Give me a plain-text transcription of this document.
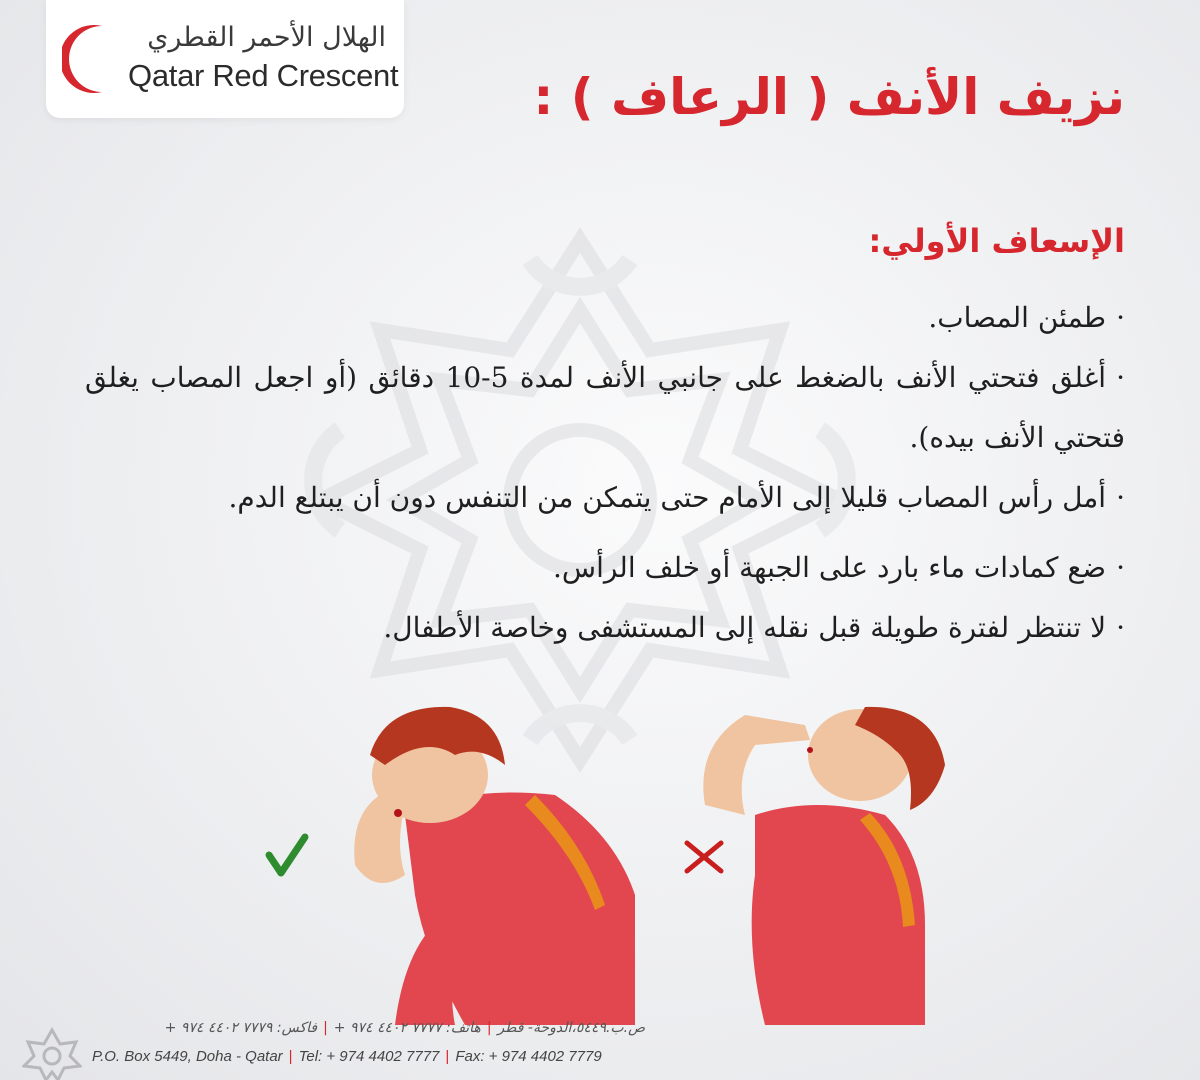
الهلال الأحمر القطري
Qatar Red Crescent	نزيف الأنف ( الرعاف ) :
الإسعاف الأولي:
·طمئن المصاب.
·أغلق فتحتي الأنف بالضغط على جانبي الأنف لمدة 5-10 دقائق (أو اجعل المصاب يغلق فتحتي الأنف بيده).
·أمل رأس المصاب قليلا إلى الأمام حتى يتمكن من التنفس دون أن يبتلع الدم.
·ضع كمادات ماء بارد على الجبهة أو خلف الرأس.
·لا تنتظر لفترة طويلة قبل نقله إلى المستشفى وخاصة الأطفال.
ص.ب.٥٤٤٩،الدوحة- قطر|هاتف: ٧٧٧٧ ٤٤٠٢ ٩٧٤ +|فاكس: ٧٧٧٩ ٤٤٠٢ ٩٧٤ +
P.O. Box 5449, Doha - Qatar | Tel: + 974 4402 7777 | Fax: + 974 4402 7779
